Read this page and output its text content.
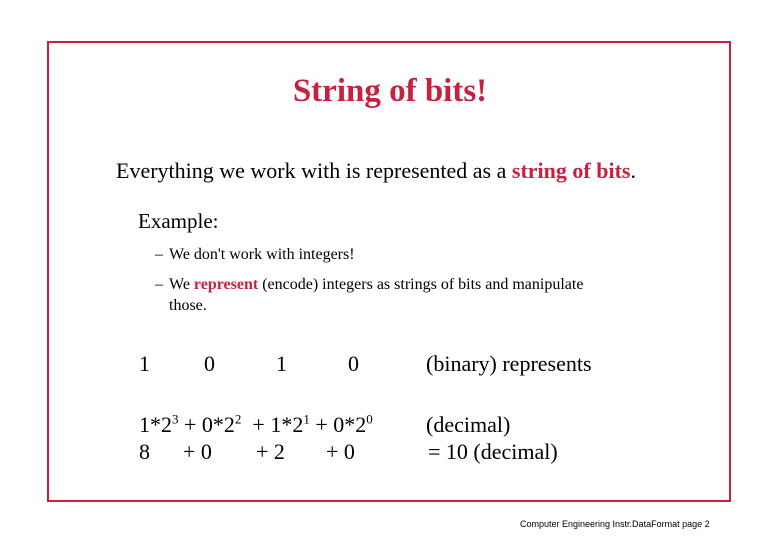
String of bits!
Everything we work with is represented as a string of bits.
Example:
– We don't work with integers!
– We represent (encode) integers as strings of bits and manipulate
those.
1 0	1	0	(binary) represents
$1*2^3 + 0*2^2 + 1*2^1 + 0*2^0$ (decimal)
8 + 0 + 2 + 0	= 10 (decimal)
Computer Engineering Instr.DataFormat page 2
